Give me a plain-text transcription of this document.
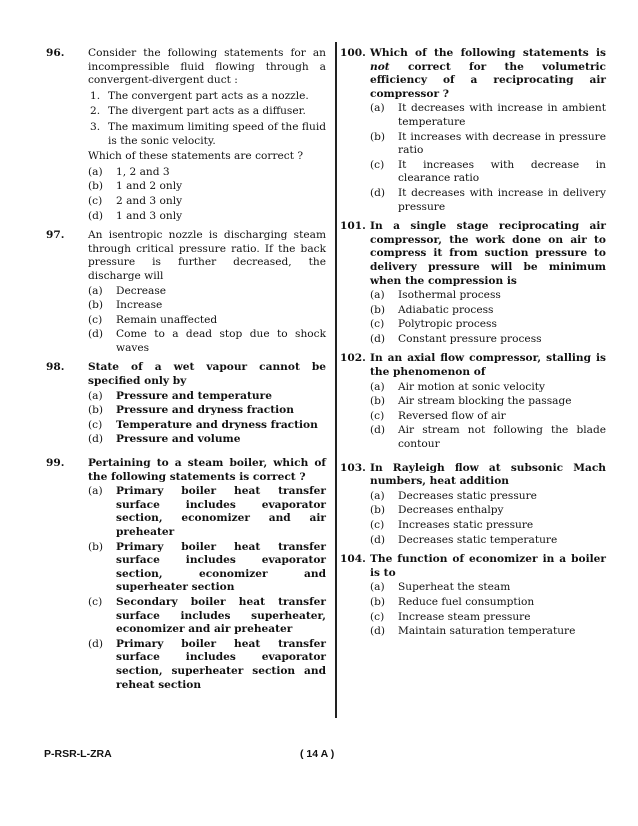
96. Consider the following statements for an incompressible fluid flowing through a convergent-divergent duct :
1. The convergent part acts as a nozzle.
2. The divergent part acts as a diffuser.
3. The maximum limiting speed of the fluid is the sonic velocity.
Which of these statements are correct ?
(a) 1, 2 and 3
(b) 1 and 2 only
(c) 2 and 3 only
(d) 1 and 3 only
97. An isentropic nozzle is discharging steam through critical pressure ratio. If the back pressure is further decreased, the discharge will
(a) Decrease
(b) Increase
(c) Remain unaffected
(d) Come to a dead stop due to shock waves
98. State of a wet vapour cannot be specified only by
(a) Pressure and temperature
(b) Pressure and dryness fraction
(c) Temperature and dryness fraction
(d) Pressure and volume
99. Pertaining to a steam boiler, which of the following statements is correct ?
(a) Primary boiler heat transfer surface includes evaporator section, economizer and air preheater
(b) Primary boiler heat transfer surface includes evaporator section, economizer and superheater section
(c) Secondary boiler heat transfer surface includes superheater, economizer and air preheater
(d) Primary boiler heat transfer surface includes evaporator section, superheater section and reheat section
100. Which of the following statements is not correct for the volumetric efficiency of a reciprocating air compressor ?
(a) It decreases with increase in ambient temperature
(b) It increases with decrease in pressure ratio
(c) It increases with decrease in clearance ratio
(d) It decreases with increase in delivery pressure
101. In a single stage reciprocating air compressor, the work done on air to compress it from suction pressure to delivery pressure will be minimum when the compression is
(a) Isothermal process
(b) Adiabatic process
(c) Polytropic process
(d) Constant pressure process
102. In an axial flow compressor, stalling is the phenomenon of
(a) Air motion at sonic velocity
(b) Air stream blocking the passage
(c) Reversed flow of air
(d) Air stream not following the blade contour
103. In Rayleigh flow at subsonic Mach numbers, heat addition
(a) Decreases static pressure
(b) Decreases enthalpy
(c) Increases static pressure
(d) Decreases static temperature
104. The function of economizer in a boiler is to
(a) Superheat the steam
(b) Reduce fuel consumption
(c) Increase steam pressure
(d) Maintain saturation temperature
P-RSR-L-ZRA	( 14 A )
